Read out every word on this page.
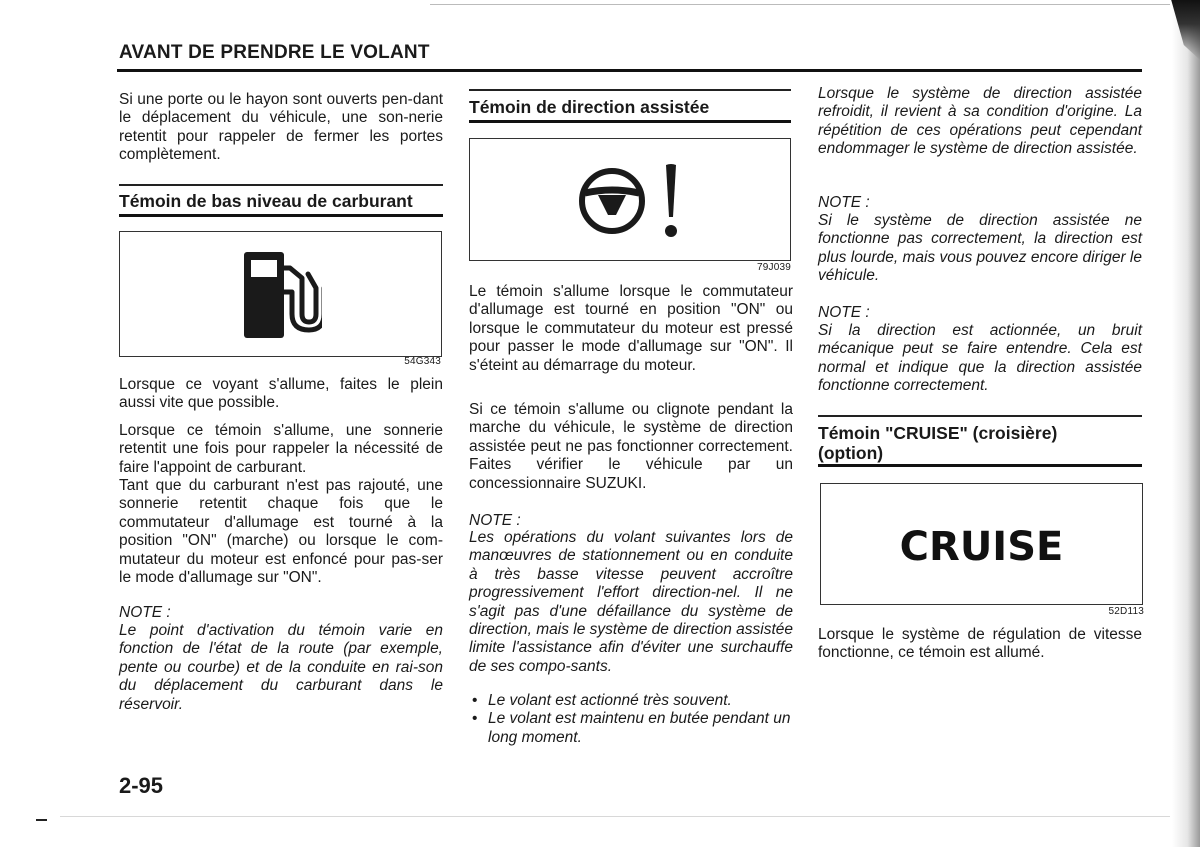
AVANT DE PRENDRE LE VOLANT

Si une porte ou le hayon sont ouverts pen-dant le déplacement du véhicule, une son-nerie retentit pour rappeler de fermer les portes complètement.

Témoin de bas niveau de carburant
54G343

Lorsque ce voyant s'allume, faites le plein aussi vite que possible.

Lorsque ce témoin s'allume, une sonnerie retentit une fois pour rappeler la nécessité de faire l'appoint de carburant.

Tant que du carburant n'est pas rajouté, une sonnerie retentit chaque fois que le commutateur d'allumage est tourné à la position "ON" (marche) ou lorsque le com-mutateur du moteur est enfoncé pour pas-ser le mode d'allumage sur "ON".

NOTE :

Le point d'activation du témoin varie en fonction de l'état de la route (par exemple, pente ou courbe) et de la conduite en rai-son du déplacement du carburant dans le réservoir.

Témoin de direction assistée
79J039

Le témoin s'allume lorsque le commutateur d'allumage est tourné en position "ON" ou lorsque le commutateur du moteur est pressé pour passer le mode d'allumage sur "ON". Il s'éteint au démarrage du moteur.

Si ce témoin s'allume ou clignote pendant la marche du véhicule, le système de direction assistée peut ne pas fonctionner correctement. Faites vérifier le véhicule par un concessionnaire SUZUKI.

NOTE :

Les opérations du volant suivantes lors de manœuvres de stationnement ou en conduite à très basse vitesse peuvent accroître progressivement l'effort direction-nel. Il ne s'agit pas d'une défaillance du système de direction, mais le système de direction assistée limite l'assistance afin d'éviter une surchauffe de ses compo-sants.

• Le volant est actionné très souvent.
• Le volant est maintenu en butée pendant un long moment.

Lorsque le système de direction assistée refroidit, il revient à sa condition d'origine. La répétition de ces opérations peut cependant endommager le système de direction assistée.

NOTE :

Si le système de direction assistée ne fonctionne pas correctement, la direction est plus lourde, mais vous pouvez encore diriger le véhicule.

NOTE :

Si la direction est actionnée, un bruit mécanique peut se faire entendre. Cela est normal et indique que la direction assistée fonctionne correctement.

Témoin "CRUISE" (croisière)
(option)
CRUISE
52D113

Lorsque le système de régulation de vitesse fonctionne, ce témoin est allumé.

2-95
